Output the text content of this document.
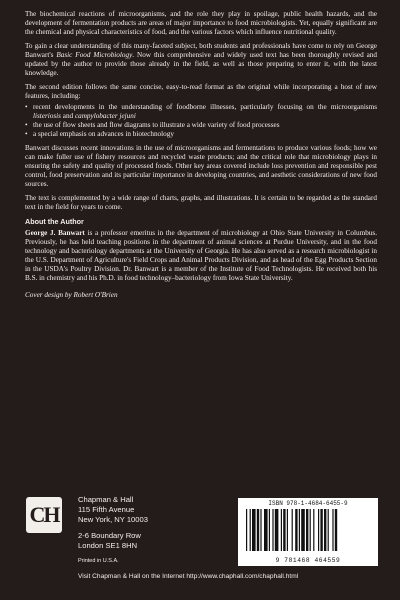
The biochemical reactions of microorganisms, and the role they play in spoilage, public health hazards, and the development of fermentation products are areas of major importance to food microbiologists. Yet, equally significant are the chemical and physical characteristics of food, and the various factors which influence nutritional quality.

To gain a clear understanding of this many-faceted subject, both students and professionals have come to rely on George Banwart's Basic Food Microbiology. Now this comprehensive and widely used text has been thoroughly revised and updated by the author to provide those already in the field, as well as those preparing to enter it, with the latest knowledge.

The second edition follows the same concise, easy-to-read format as the original while incorporating a host of new features, including:

• recent developments in the understanding of foodborne illnesses, particularly focusing on the microorganisms listeriosis and campylobacter jejuni
• the use of flow sheets and flow diagrams to illustrate a wide variety of food processes
• a special emphasis on advances in biotechnology

Banwart discusses recent innovations in the use of microorganisms and fermentations to produce various foods; how we can make fuller use of fishery resources and recycled waste products; and the critical role that microbiology plays in ensuring the safety and quality of processed foods. Other key areas covered include loss prevention and responsible pest control, food preservation and its particular importance in developing countries, and aesthetic considerations of new food sources.

The text is complemented by a wide range of charts, graphs, and illustrations. It is certain to be regarded as the standard text in the field for years to come.

About the Author

George J. Banwart is a professor emeritus in the department of microbiology at Ohio State University in Columbus. Previously, he has held teaching positions in the department of animal sciences at Purdue University, and in the food technology and bacteriology departments at the University of Georgia. He has also served as a research microbiologist in the U.S. Department of Agriculture's Field Crops and Animal Products Division, and as head of the Egg Products Section in the USDA's Poultry Division. Dr. Banwart is a member of the Institute of Food Technologists. He received both his B.S. in chemistry and his Ph.D. in food technology–bacteriology from Iowa State University.

Cover design by Robert O'Brien

CH
Chapman & Hall
115 Fifth Avenue
New York, NY 10003
2-6 Boundary Row
London SE1 8HN
Printed in U.S.A.
Visit Chapman & Hall on the Internet http://www.chaphall.com/chaphall.html
ISBN 978-1-4684-6455-9
9 781468 464559
